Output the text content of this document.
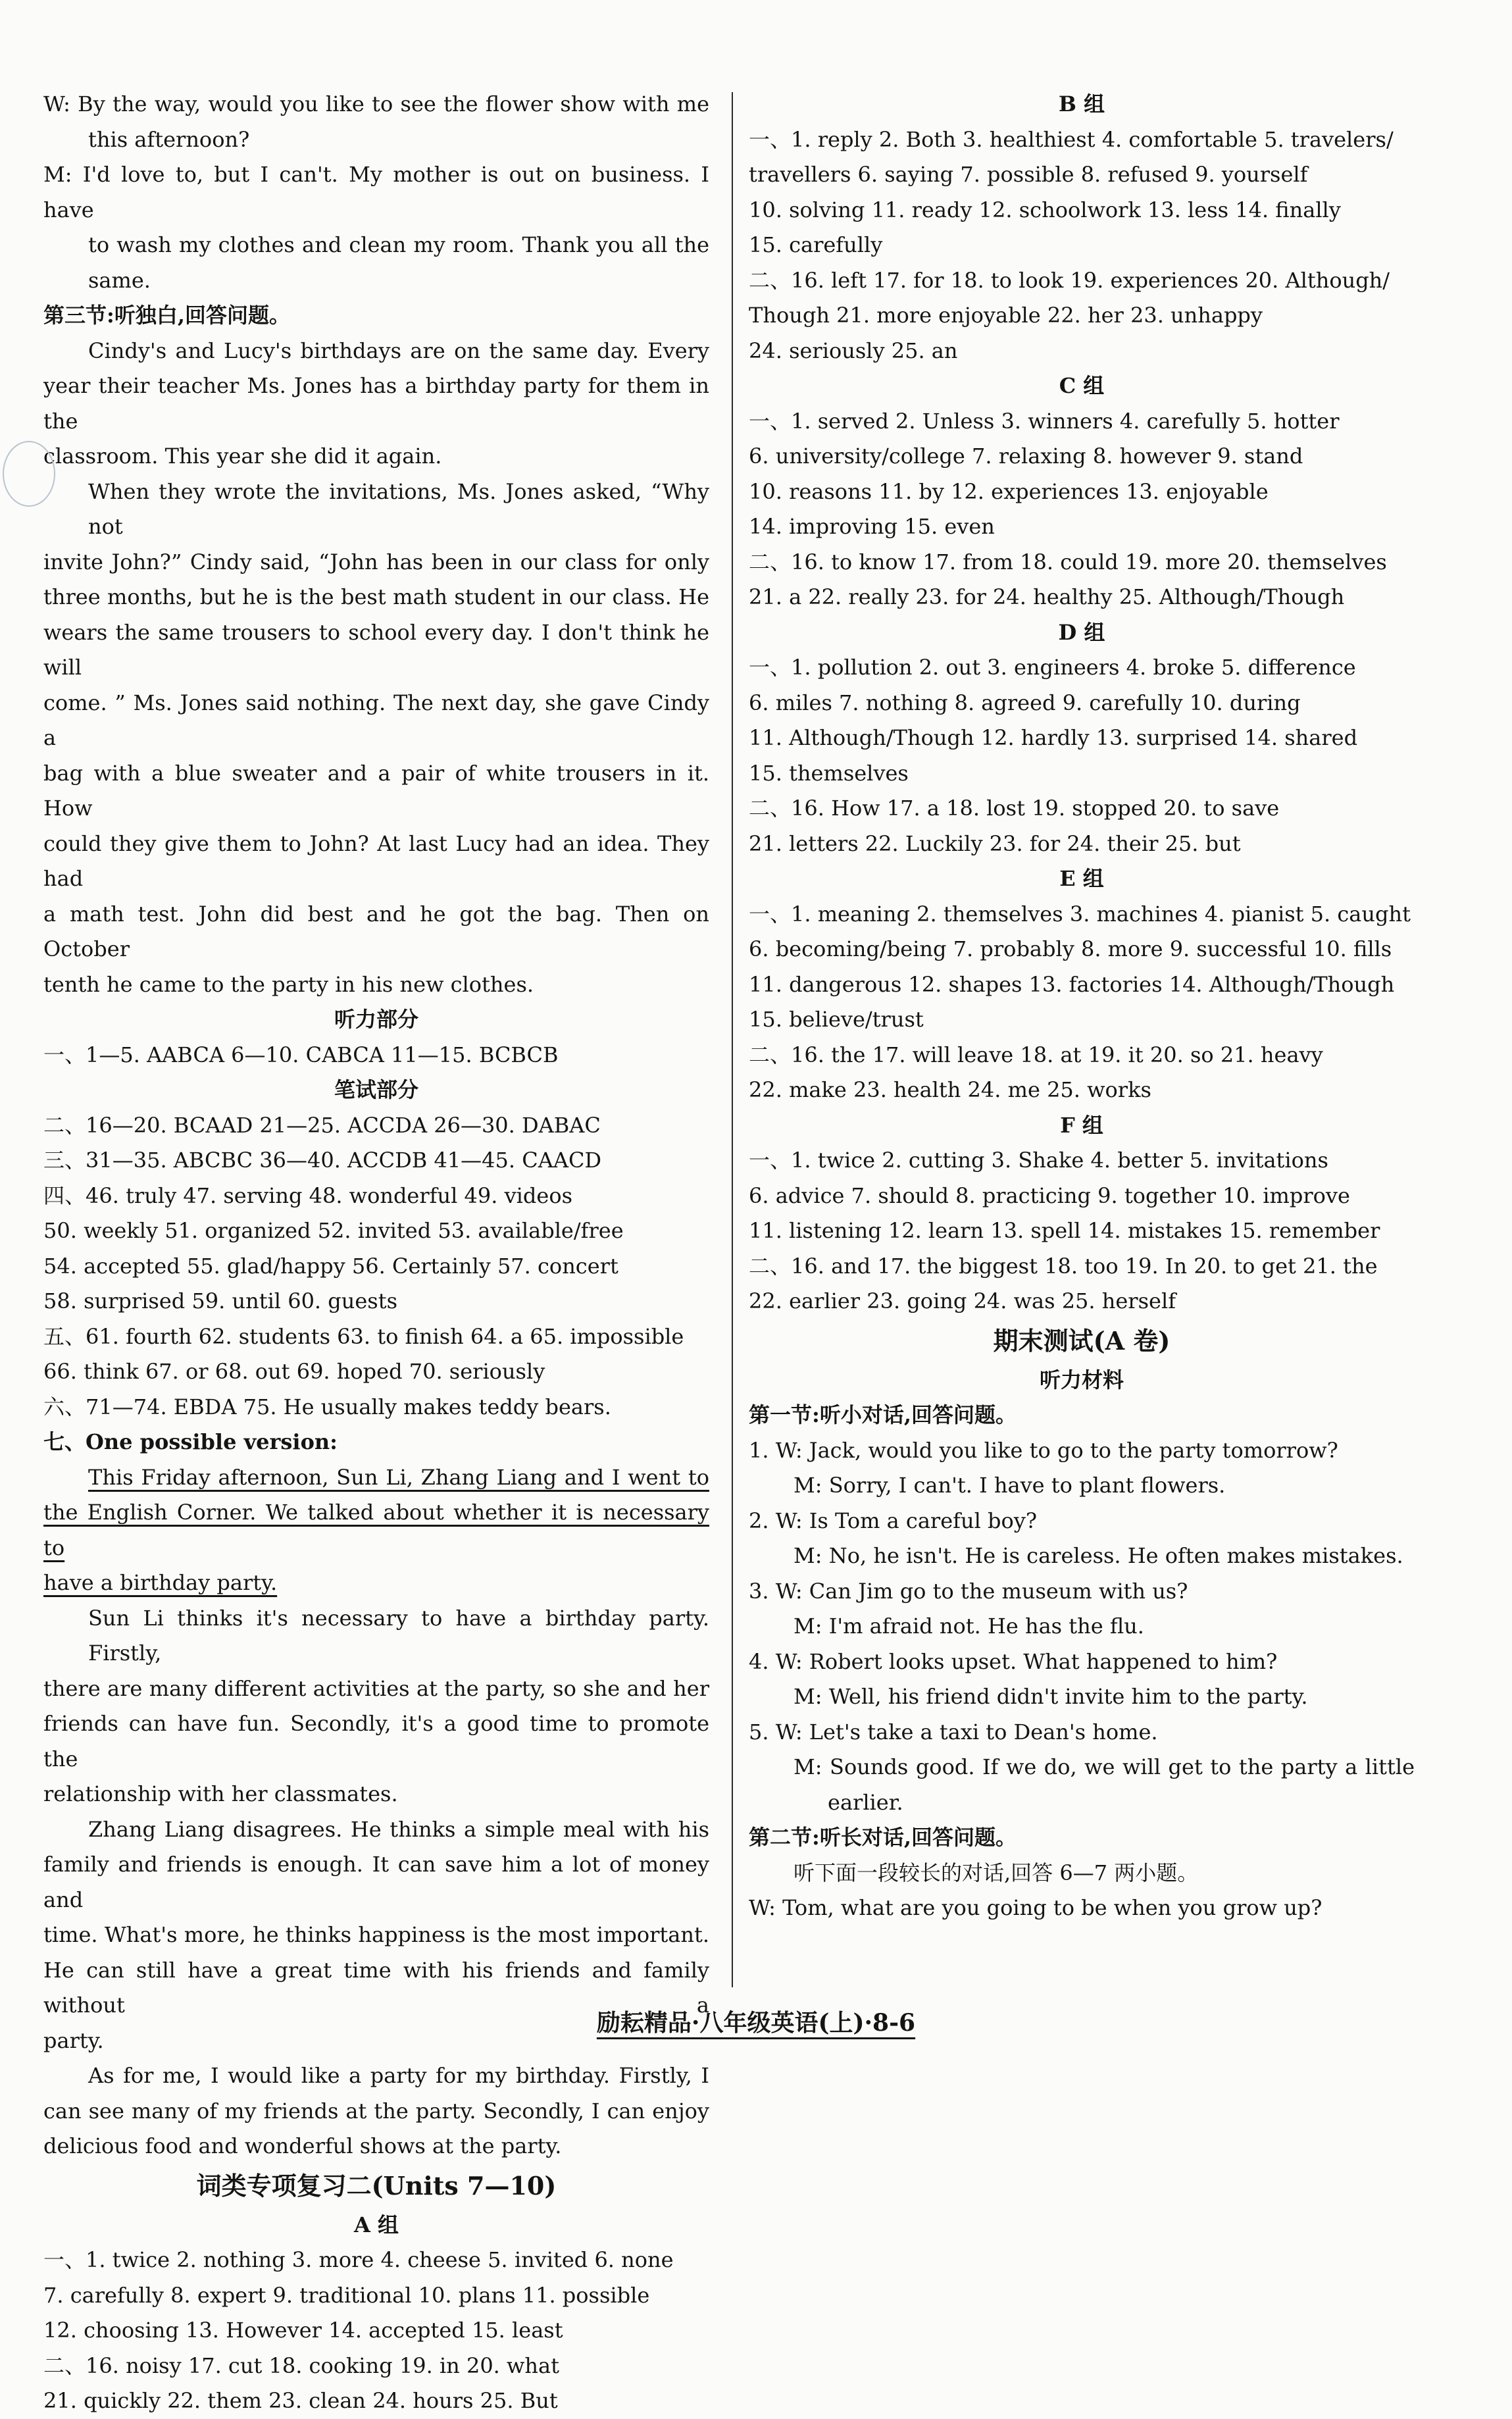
W: By the way, would you like to see the flower show with me
this afternoon?
M: I'd love to, but I can't. My mother is out on business. I have
to wash my clothes and clean my room. Thank you all the
same.
第三节:听独白,回答问题。
Cindy's and Lucy's birthdays are on the same day. Every
year their teacher Ms. Jones has a birthday party for them in the
classroom. This year she did it again.
When they wrote the invitations, Ms. Jones asked, “Why not
invite John?” Cindy said, “John has been in our class for only
three months, but he is the best math student in our class. He
wears the same trousers to school every day. I don't think he will
come. ” Ms. Jones said nothing. The next day, she gave Cindy a
bag with a blue sweater and a pair of white trousers in it. How
could they give them to John? At last Lucy had an idea. They had
a math test. John did best and he got the bag. Then on October
tenth he came to the party in his new clothes.
听力部分
一、1—5. AABCA 6—10. CABCA 11—15. BCBCB
笔试部分
二、16—20. BCAAD 21—25. ACCDA 26—30. DABAC
三、31—35. ABCBC 36—40. ACCDB 41—45. CAACD
四、46. truly 47. serving 48. wonderful 49. videos
50. weekly 51. organized 52. invited 53. available/free
54. accepted 55. glad/happy 56. Certainly 57. concert
58. surprised 59. until 60. guests
五、61. fourth 62. students 63. to finish 64. a 65. impossible
66. think 67. or 68. out 69. hoped 70. seriously
六、71—74. EBDA 75. He usually makes teddy bears.
七、One possible version:
This Friday afternoon, Sun Li, Zhang Liang and I went to
the English Corner. We talked about whether it is necessary to
have a birthday party.
Sun Li thinks it's necessary to have a birthday party. Firstly,
there are many different activities at the party, so she and her
friends can have fun. Secondly, it's a good time to promote the
relationship with her classmates.
Zhang Liang disagrees. He thinks a simple meal with his
family and friends is enough. It can save him a lot of money and
time. What's more, he thinks happiness is the most important.
He can still have a great time with his friends and family without a
party.
As for me, I would like a party for my birthday. Firstly, I
can see many of my friends at the party. Secondly, I can enjoy
delicious food and wonderful shows at the party.
词类专项复习二(Units 7—10)
A 组
一、1. twice 2. nothing 3. more 4. cheese 5. invited 6. none
7. carefully 8. expert 9. traditional 10. plans 11. possible
12. choosing 13. However 14. accepted 15. least
二、16. noisy 17. cut 18. cooking 19. in 20. what
21. quickly 22. them 23. clean 24. hours 25. But
B 组
一、1. reply 2. Both 3. healthiest 4. comfortable 5. travelers/
travellers 6. saying 7. possible 8. refused 9. yourself
10. solving 11. ready 12. schoolwork 13. less 14. finally
15. carefully
二、16. left 17. for 18. to look 19. experiences 20. Although/
Though 21. more enjoyable 22. her 23. unhappy
24. seriously 25. an
C 组
一、1. served 2. Unless 3. winners 4. carefully 5. hotter
6. university/college 7. relaxing 8. however 9. stand
10. reasons 11. by 12. experiences 13. enjoyable
14. improving 15. even
二、16. to know 17. from 18. could 19. more 20. themselves
21. a 22. really 23. for 24. healthy 25. Although/Though
D 组
一、1. pollution 2. out 3. engineers 4. broke 5. difference
6. miles 7. nothing 8. agreed 9. carefully 10. during
11. Although/Though 12. hardly 13. surprised 14. shared
15. themselves
二、16. How 17. a 18. lost 19. stopped 20. to save
21. letters 22. Luckily 23. for 24. their 25. but
E 组
一、1. meaning 2. themselves 3. machines 4. pianist 5. caught
6. becoming/being 7. probably 8. more 9. successful 10. fills
11. dangerous 12. shapes 13. factories 14. Although/Though
15. believe/trust
二、16. the 17. will leave 18. at 19. it 20. so 21. heavy
22. make 23. health 24. me 25. works
F 组
一、1. twice 2. cutting 3. Shake 4. better 5. invitations
6. advice 7. should 8. practicing 9. together 10. improve
11. listening 12. learn 13. spell 14. mistakes 15. remember
二、16. and 17. the biggest 18. too 19. In 20. to get 21. the
22. earlier 23. going 24. was 25. herself
期末测试(A 卷)
听力材料
第一节:听小对话,回答问题。
1. W: Jack, would you like to go to the party tomorrow?
M: Sorry, I can't. I have to plant flowers.
2. W: Is Tom a careful boy?
M: No, he isn't. He is careless. He often makes mistakes.
3. W: Can Jim go to the museum with us?
M: I'm afraid not. He has the flu.
4. W: Robert looks upset. What happened to him?
M: Well, his friend didn't invite him to the party.
5. W: Let's take a taxi to Dean's home.
M: Sounds good. If we do, we will get to the party a little
earlier.
第二节:听长对话,回答问题。
听下面一段较长的对话,回答 6—7 两小题。
W: Tom, what are you going to be when you grow up?
励耘精品·八年级英语(上)·8-6
